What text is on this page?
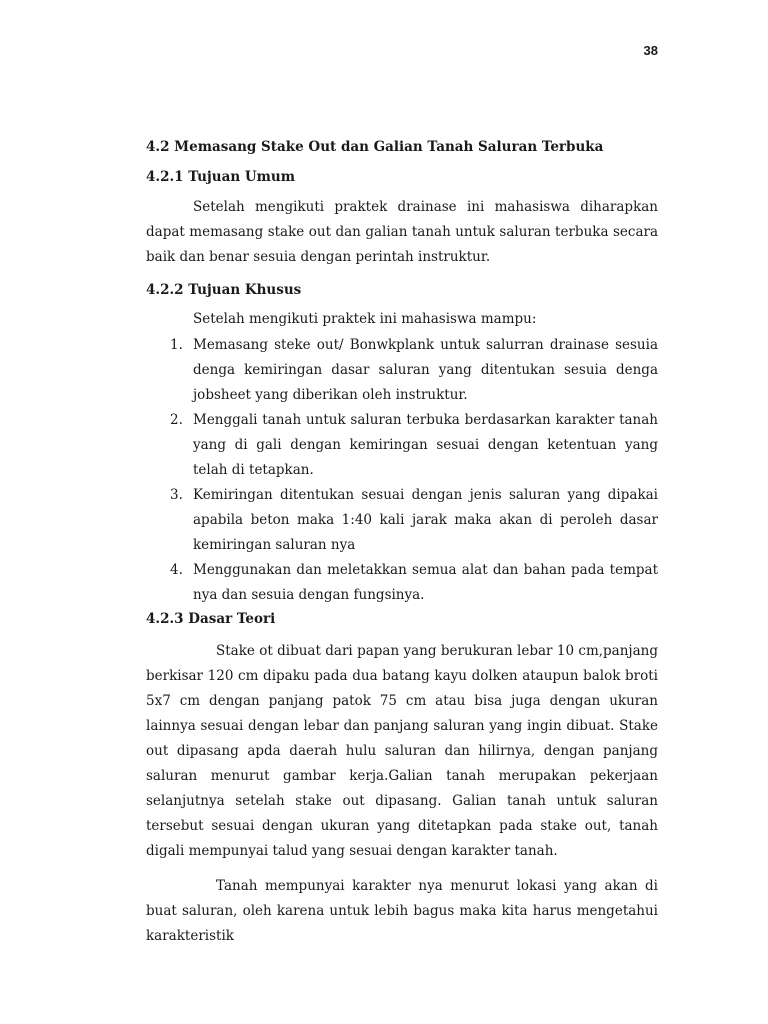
38
4.2 Memasang Stake Out dan Galian Tanah Saluran Terbuka
4.2.1 Tujuan Umum

Setelah mengikuti praktek drainase ini mahasiswa diharapkan dapat memasang stake out dan galian tanah untuk saluran terbuka secara baik dan benar sesuia dengan perintah instruktur.

4.2.2 Tujuan Khusus

Setelah mengikuti praktek ini mahasiswa mampu:

1. Memasang steke out/ Bonwkplank untuk salurran drainase sesuia denga kemiringan dasar saluran yang ditentukan sesuia denga jobsheet yang diberikan oleh instruktur.
2. Menggali tanah untuk saluran terbuka berdasarkan karakter tanah yang di gali dengan kemiringan sesuai dengan ketentuan yang telah di tetapkan.
3. Kemiringan ditentukan sesuai dengan jenis saluran yang dipakai apabila beton maka 1:40 kali jarak maka akan di peroleh dasar kemiringan saluran nya
4. Menggunakan dan meletakkan semua alat dan bahan pada tempat nya dan sesuia dengan fungsinya.
4.2.3 Dasar Teori

Stake ot dibuat dari papan yang berukuran lebar 10 cm,panjang berkisar 120 cm dipaku pada dua batang kayu dolken ataupun balok broti 5x7 cm dengan panjang patok 75 cm atau bisa juga dengan ukuran lainnya sesuai dengan lebar dan panjang saluran yang ingin dibuat. Stake out dipasang apda daerah hulu saluran dan hilirnya, dengan panjang saluran menurut gambar kerja.Galian tanah merupakan pekerjaan selanjutnya setelah stake out dipasang. Galian tanah untuk saluran tersebut sesuai dengan ukuran yang ditetapkan pada stake out, tanah digali mempunyai talud yang sesuai dengan karakter tanah.

Tanah mempunyai karakter nya menurut lokasi yang akan di buat saluran, oleh karena untuk lebih bagus maka kita harus mengetahui karakteristik
